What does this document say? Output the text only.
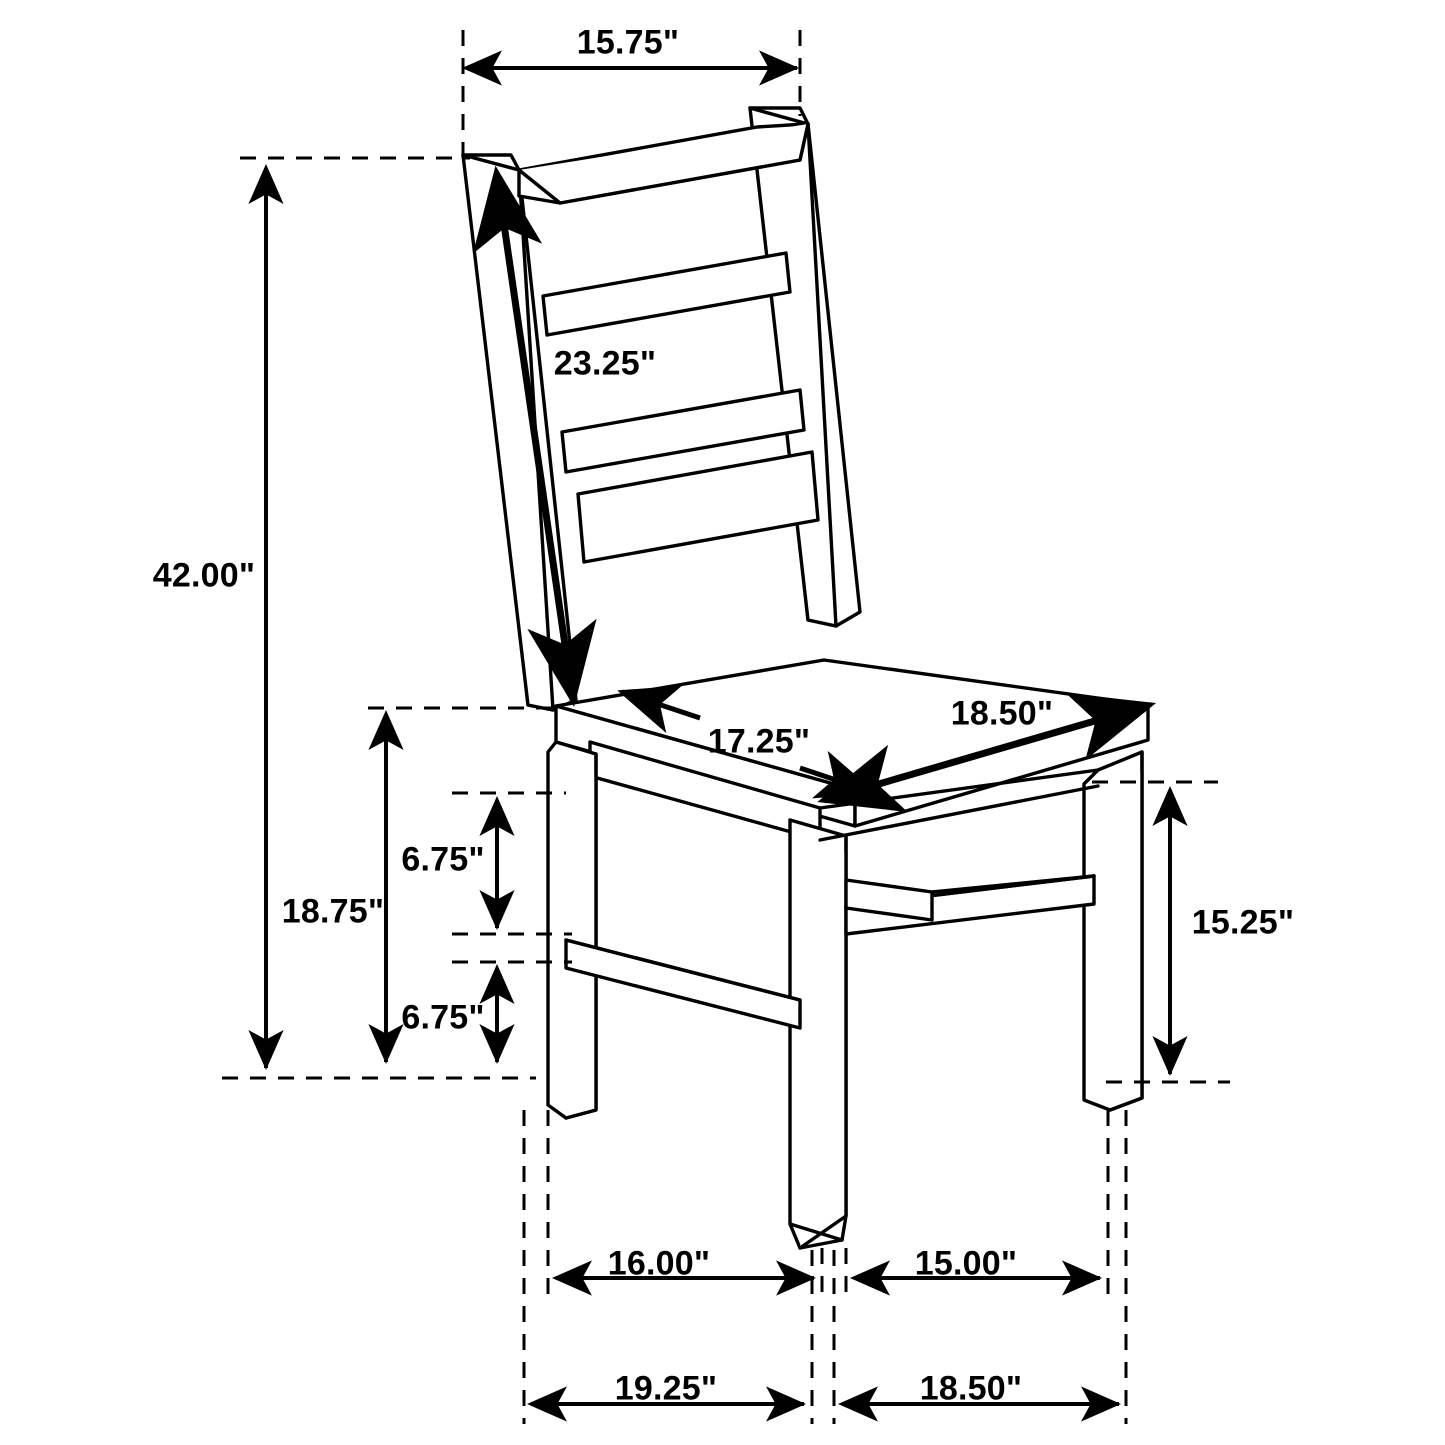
15.75"
42.00"
23.25"
17.25"
18.50"
18.75"
6.75"
6.75"
15.25"
16.00"	15.00"
19.25"	18.50"
